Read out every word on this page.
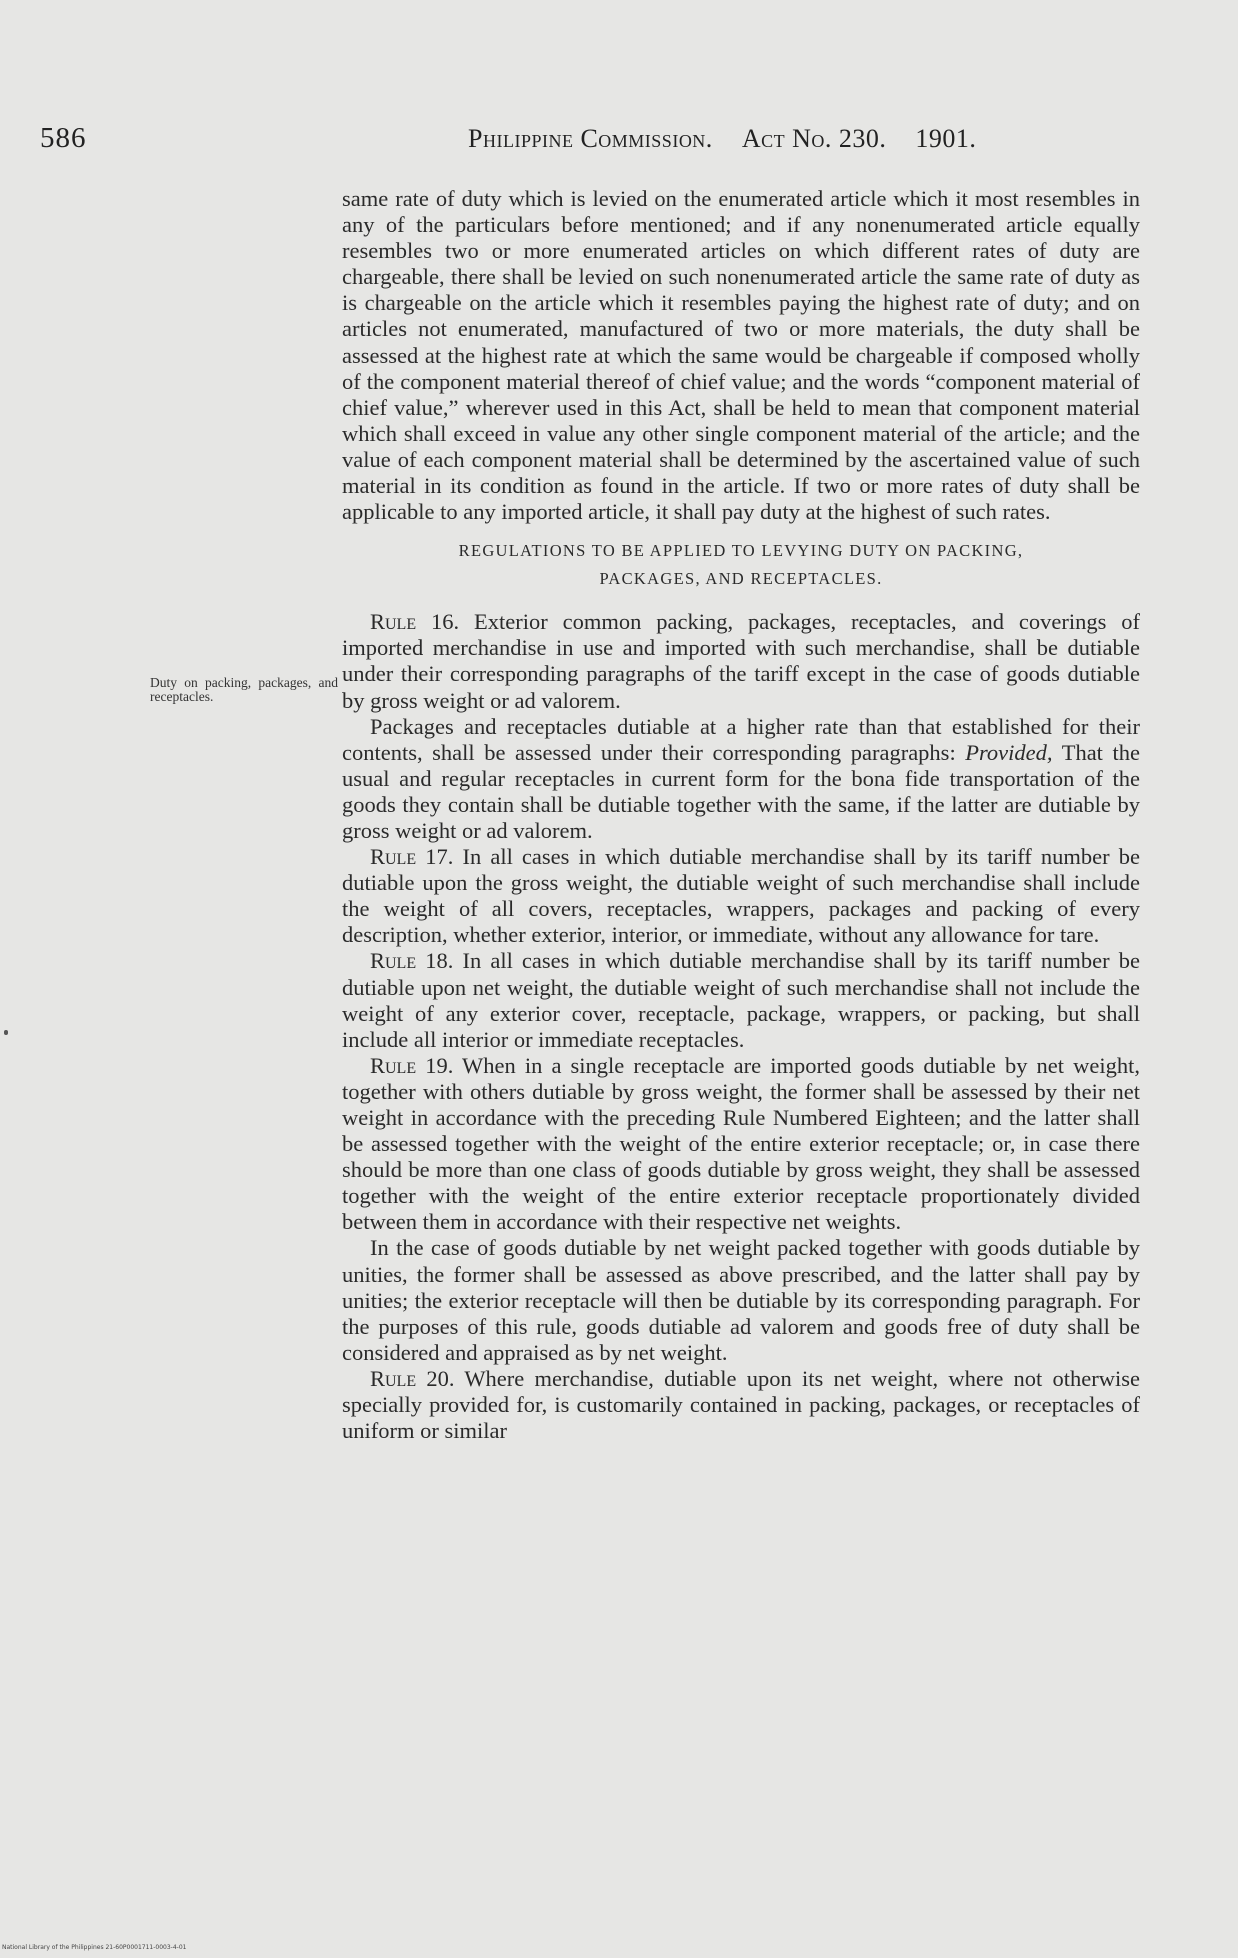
586	Philippine Commission. Act No. 230. 1901.
Duty on packing, packages, and receptacles.

same rate of duty which is levied on the enumerated article which it most resembles in any of the particulars before mentioned; and if any nonenumerated article equally resembles two or more enumerated articles on which different rates of duty are chargeable, there shall be levied on such nonenumerated article the same rate of duty as is chargeable on the article which it resembles paying the highest rate of duty; and on articles not enumerated, manufactured of two or more materials, the duty shall be assessed at the highest rate at which the same would be chargeable if composed wholly of the component material thereof of chief value; and the words “component material of chief value,” wherever used in this Act, shall be held to mean that component material which shall exceed in value any other single component material of the article; and the value of each component material shall be determined by the ascertained value of such material in its condition as found in the article. If two or more rates of duty shall be applicable to any imported article, it shall pay duty at the highest of such rates.

REGULATIONS TO BE APPLIED TO LEVYING DUTY ON PACKING,
PACKAGES, AND RECEPTACLES.

Rule 16. Exterior common packing, packages, receptacles, and coverings of imported merchandise in use and imported with such merchandise, shall be dutiable under their corresponding paragraphs of the tariff except in the case of goods dutiable by gross weight or ad valorem.

Packages and receptacles dutiable at a higher rate than that established for their contents, shall be assessed under their corresponding paragraphs: Provided, That the usual and regular receptacles in current form for the bona fide transportation of the goods they contain shall be dutiable together with the same, if the latter are dutiable by gross weight or ad valorem.

Rule 17. In all cases in which dutiable merchandise shall by its tariff number be dutiable upon the gross weight, the dutiable weight of such merchandise shall include the weight of all covers, receptacles, wrappers, packages and packing of every description, whether exterior, interior, or immediate, without any allowance for tare.

Rule 18. In all cases in which dutiable merchandise shall by its tariff number be dutiable upon net weight, the dutiable weight of such merchandise shall not include the weight of any exterior cover, receptacle, package, wrappers, or packing, but shall include all interior or immediate receptacles.

Rule 19. When in a single receptacle are imported goods dutiable by net weight, together with others dutiable by gross weight, the former shall be assessed by their net weight in accordance with the preceding Rule Numbered Eighteen; and the latter shall be assessed together with the weight of the entire exterior receptacle; or, in case there should be more than one class of goods dutiable by gross weight, they shall be assessed together with the weight of the entire exterior receptacle proportionately divided between them in accordance with their respective net weights.

In the case of goods dutiable by net weight packed together with goods dutiable by unities, the former shall be assessed as above prescribed, and the latter shall pay by unities; the exterior receptacle will then be dutiable by its corresponding paragraph. For the purposes of this rule, goods dutiable ad valorem and goods free of duty shall be considered and appraised as by net weight.

Rule 20. Where merchandise, dutiable upon its net weight, where not otherwise specially provided for, is customarily contained in packing, packages, or receptacles of uniform or similar

National Library of the Philippines 21-60P0001711-0003-4-01
